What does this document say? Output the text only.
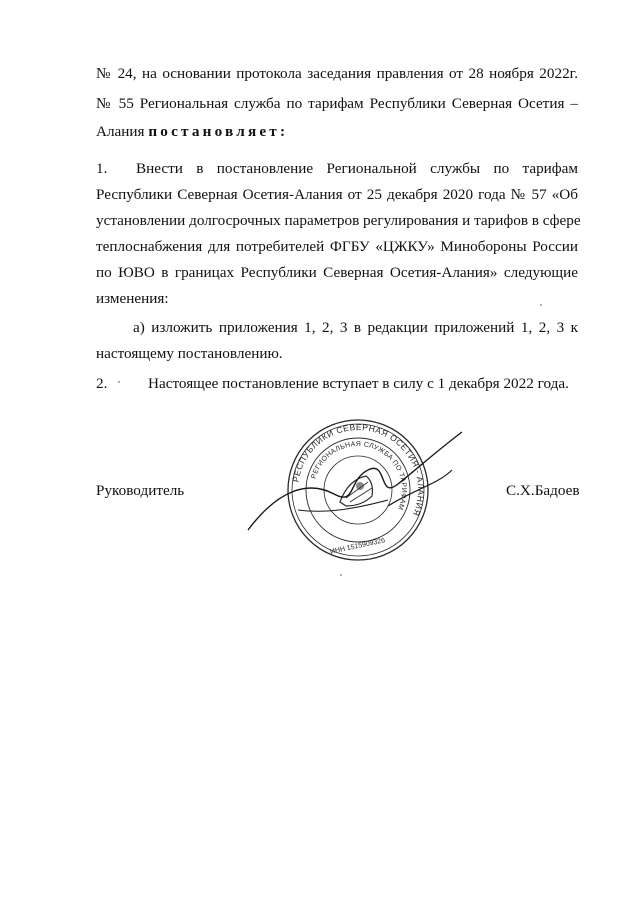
№ 24, на основании протокола заседания правления от 28 ноября 2022г.
№ 55 Региональная служба по тарифам Республики Северная Осетия –
Алания постановляет:
1. Внести в постановление Региональной службы по тарифам
Республики Северная Осетия-Алания от 25 декабря 2020 года № 57 «Об
установлении долгосрочных параметров регулирования и тарифов в сфере
теплоснабжения для потребителей ФГБУ «ЦЖКУ» Минобороны России
по ЮВО в границах Республики Северная Осетия-Алания» следующие
изменения:
а) изложить приложения 1, 2, 3 в редакции приложений 1, 2, 3 к
настоящему постановлению.
2.	Настоящее постановление вступает в силу с 1 декабря 2022 года.
Руководитель	С.Х.Бадоев
РЕСПУБЛИКИ СЕВЕРНАЯ ОСЕТИЯ - АЛАНИЯ
РЕГИОНАЛЬНАЯ СЛУЖБА ПО ТАРИФАМ
ИНН 1515909326
